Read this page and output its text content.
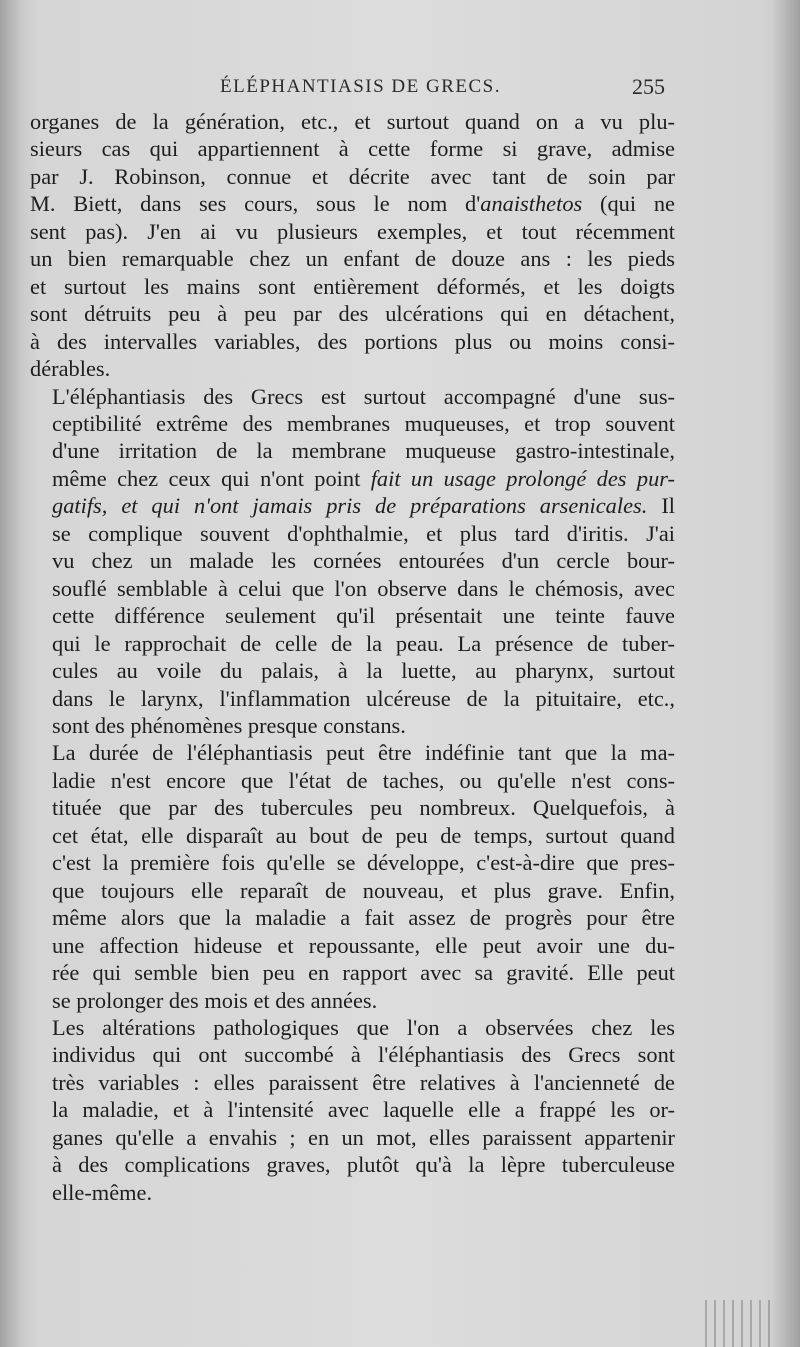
ÉLÉPHANTIASIS DE GRECS.	255

organes de la génération, etc., et surtout quand on a vu plu-
sieurs cas qui appartiennent à cette forme si grave, admise
par J. Robinson, connue et décrite avec tant de soin par
M. Biett, dans ses cours, sous le nom d'anaisthetos (qui ne
sent pas). J'en ai vu plusieurs exemples, et tout récemment
un bien remarquable chez un enfant de douze ans : les pieds
et surtout les mains sont entièrement déformés, et les doigts
sont détruits peu à peu par des ulcérations qui en détachent,
à des intervalles variables, des portions plus ou moins consi-
dérables.

L'éléphantiasis des Grecs est surtout accompagné d'une sus-
ceptibilité extrême des membranes muqueuses, et trop souvent
d'une irritation de la membrane muqueuse gastro-intestinale,
même chez ceux qui n'ont point fait un usage prolongé des pur-
gatifs, et qui n'ont jamais pris de préparations arsenicales. Il
se complique souvent d'ophthalmie, et plus tard d'iritis. J'ai
vu chez un malade les cornées entourées d'un cercle bour-
souflé semblable à celui que l'on observe dans le chémosis, avec
cette différence seulement qu'il présentait une teinte fauve
qui le rapprochait de celle de la peau. La présence de tuber-
cules au voile du palais, à la luette, au pharynx, surtout
dans le larynx, l'inflammation ulcéreuse de la pituitaire, etc.,
sont des phénomènes presque constans.

La durée de l'éléphantiasis peut être indéfinie tant que la ma-
ladie n'est encore que l'état de taches, ou qu'elle n'est cons-
tituée que par des tubercules peu nombreux. Quelquefois, à
cet état, elle disparaît au bout de peu de temps, surtout quand
c'est la première fois qu'elle se développe, c'est-à-dire que pres-
que toujours elle reparaît de nouveau, et plus grave. Enfin,
même alors que la maladie a fait assez de progrès pour être
une affection hideuse et repoussante, elle peut avoir une du-
rée qui semble bien peu en rapport avec sa gravité. Elle peut
se prolonger des mois et des années.

Les altérations pathologiques que l'on a observées chez les
individus qui ont succombé à l'éléphantiasis des Grecs sont
très variables : elles paraissent être relatives à l'ancienneté de
la maladie, et à l'intensité avec laquelle elle a frappé les or-
ganes qu'elle a envahis ; en un mot, elles paraissent appartenir
à des complications graves, plutôt qu'à la lèpre tuberculeuse
elle-même.
